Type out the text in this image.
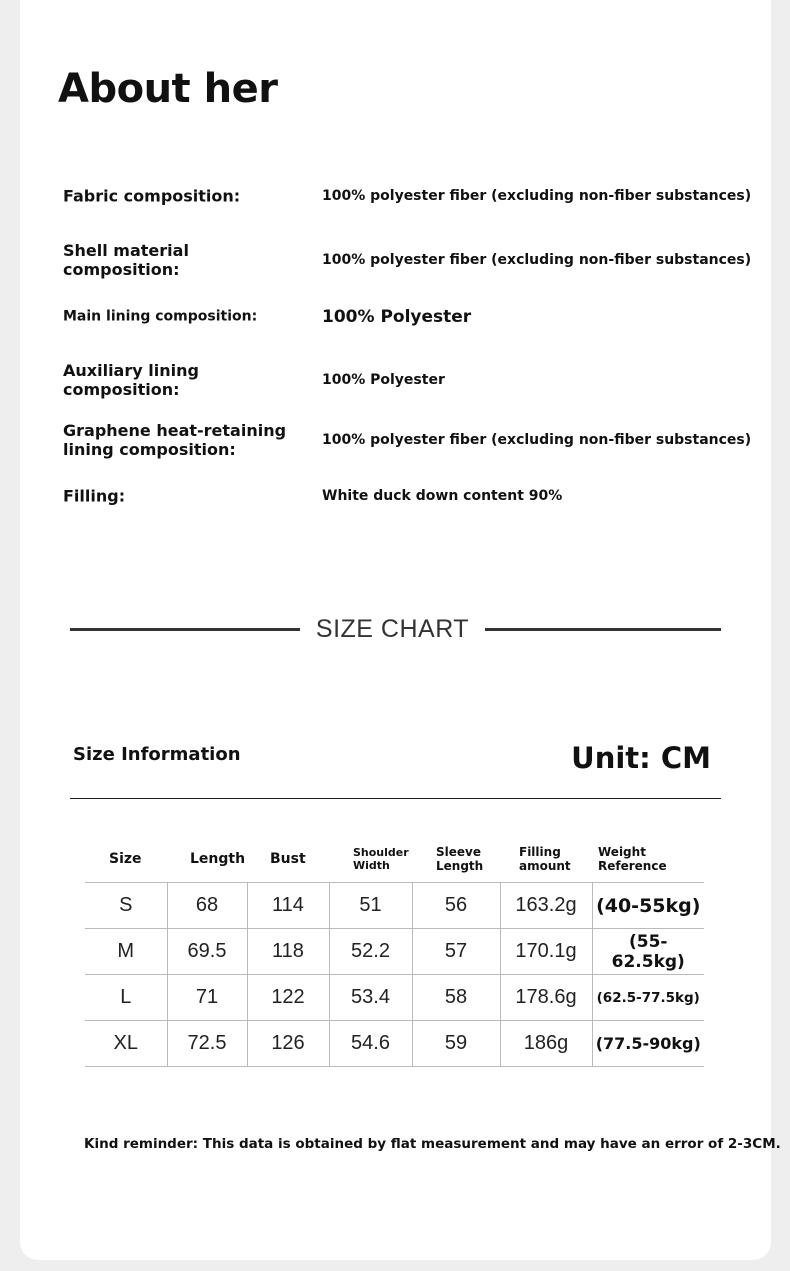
About her
Fabric composition:	100% polyester fiber (excluding non-fiber substances)
Shell material composition:	100% polyester fiber (excluding non-fiber substances)
Main lining composition:	100% Polyester
Auxiliary lining composition:	100% Polyester
Graphene heat-retaining lining composition:	100% polyester fiber (excluding non-fiber substances)
Filling:	White duck down content 90%
SIZE CHART
Size Information	Unit: CM
Size	Length	Bust	Shoulder Width	Sleeve Length	Filling amount	Weight Reference
S	68	114	51	56	163.2g	(40-55kg)
M	69.5	118	52.2	57	170.1g	(55-62.5kg)
L	71	122	53.4	58	178.6g	(62.5-77.5kg)
XL	72.5	126	54.6	59	186g	(77.5-90kg)
Kind reminder: This data is obtained by flat measurement and may have an error of 2-3CM.
